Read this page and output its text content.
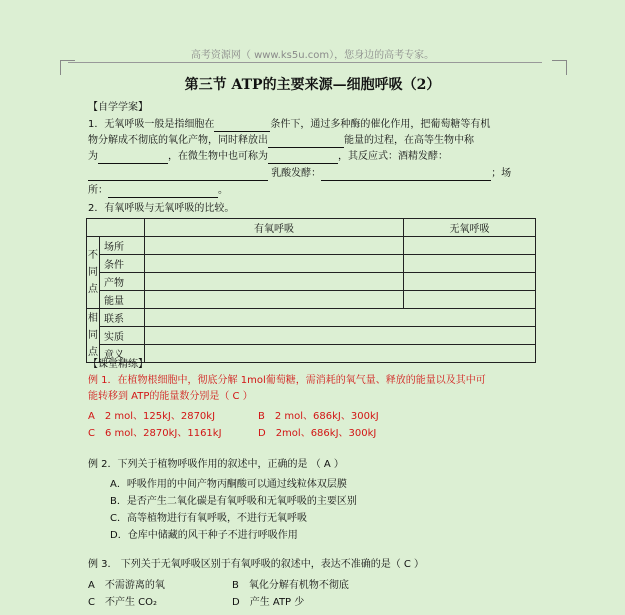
高考资源网（ www.ks5u.com），您身边的高考专家。
第三节 ATP的主要来源—细胞呼吸（2）
【自学学案】
1．无氧呼吸一般是指细胞在	条件下，通过多种酶的催化作用，把葡萄糖等有机
物分解成不彻底的氧化产物，同时释放出	能量的过程，在高等生物中称
为	，在微生物中也可称为	，其反应式：酒精发酵：
乳酸发酵：	；场
所：	。
2．有氧呼吸与无氧呼吸的比较。
		有氧呼吸	无氧呼吸
不
同
点	场所		
	条件		
	产物		
	能量		
相
同
点	联系		
	实质		
	意义		
【课堂精练】
例 1．在植物根细胞中，彻底分解 1mol葡萄糖，需消耗的氧气量、释放的能量以及其中可
能转移到 ATP的能量数分别是（ C ）
A　2 mol、125kJ、2870kJ	B　2 mol、686kJ、300kJ
C　6 mol、2870kJ、1161kJ	D　2mol、686kJ、300kJ
例 2．下列关于植物呼吸作用的叙述中，正确的是 （ A ）
A．呼吸作用的中间产物丙酮酸可以通过线粒体双层膜
B．是否产生二氧化碳是有氧呼吸和无氧呼吸的主要区别
C．高等植物进行有氧呼吸，不进行无氧呼吸
D．仓库中储藏的风干种子不进行呼吸作用
例 3． 下列关于无氧呼吸区别于有氧呼吸的叙述中，表达不准确的是（ C ）
A　不需游离的氧	B　氧化分解有机物不彻底
C　不产生 CO₂	D　产生 ATP 少
